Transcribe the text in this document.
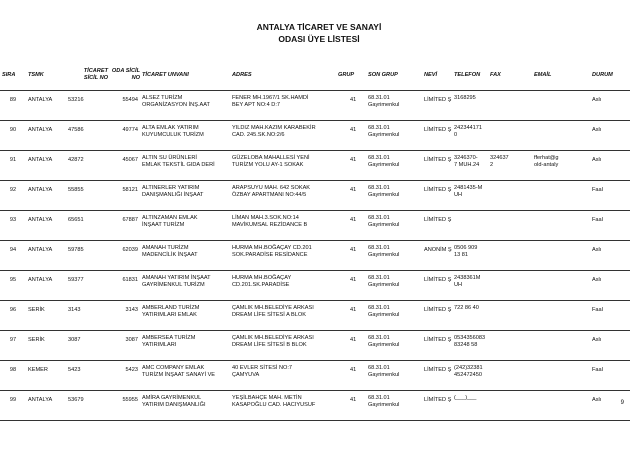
ANTALYA TİCARET VE SANAYİ
ODASI ÜYE LİSTESİ
SIRA	TSMK	TİCARET SİCİL NO	ODA SİCİL NO	TİCARET UNVANI	ADRES	GRUP	SON GRUP	NEVİ	TELEFON	FAX	EMAİL	DURUM

89	ANTALYA	53216	55494	ALSEZ TURİZM
ORGANİZASYON İNŞ.AAT	FENER MH.1967/1 SK.HAMDİ
BEY APT NO:4 D:7	41	68.31.01
Gayrimenkul	LİMİTED Ş	3168295			Aslı

90	ANTALYA	47586	49774	ALTA EMLAK YATIRIM
KUYUMCULUK TURİZM	YILDIZ MAH.KAZIM KARABEKİR
CAD. 245.SK.NO:2/6	41	68.31.01
Gayrimenkul	LİMİTED Ş	242344171
0			Aslı

91	ANTALYA	42872	45067	ALTIN SU ÜRÜNLERİ
EMLAK TEKSTİL GIDA DERİ	GÜZELOBA MAHALLESİ YENİ
TURİZM YOLU AY-1 SOKAK	41	68.31.01
Gayrimenkul	LİMİTED Ş	3246370-
7 MUH.24	324637
2	fferhat@g
old-antaly	Aslı

92	ANTALYA	55855	58121	ALTINERLER YATIRIM
DANIŞMANLIĞI İNŞAAT	ARAPSUYU MAH. 642 SOKAK
ÖZBAY APARTMANI NO:44/5	41	68.31.01
Gayrimenkul	LİMİTED Ş	2481435-M
UH			Faal

93	ANTALYA	65651	67887	ALTINZAMAN EMLAK
İNŞAAT TURİZM	LİMAN MAH.3.SOK.NO:14
MAVİKUMSAL REZİDANCE B	41	68.31.01
Gayrimenkul	LİMİTED Ş				Faal

94	ANTALYA	59785	62039	AMANAH TURİZM
MADENCİLİK İNŞAAT	HURMA MH.BOĞAÇAY CD.201
SOK.PARADİSE RESİDANCE	41	68.31.01
Gayrimenkul	ANONİM Ş	0506 909
13 81			Aslı

95	ANTALYA	59377	61831	AMANAH YATIRIM İNŞAAT
GAYRİMENKUL TURİZM	HURMA MH.BOĞAÇAY
CD.201.SK.PARADİSE	41	68.31.01
Gayrimenkul	LİMİTED Ş	2438361M
UH			Aslı

96	SERİK	3143	3143	AMBERLAND TURİZM
YATIRIMLARI EMLAK	ÇAMLIK MH.BELEDİYE ARKASI
DREAM LİFE SİTESİ A BLOK	41	68.31.01
Gayrimenkul	LİMİTED Ş	722 86 40			Faal

97	SERİK	3087	3087	AMBERSEA TURİZM
YATIRIMLARI	ÇAMLIK MH.BELEDİYE ARKASI
DREAM LİFE SİTESİ B BLOK	41	68.31.01
Gayrimenkul	LİMİTED Ş	0534356083
83248 58			Aslı

98	KEMER	5423	5423	AMC COMPANY EMLAK
TURİZM İNŞAAT SANAYİ VE	40 EVLER SİTESİ NO:7
ÇAMYUVA	41	68.31.01
Gayrimenkul	LİMİTED Ş	(242)32381
452472450			Faal

99	ANTALYA	53679	55955	AMİRA GAYRİMENKUL
YATIRIM DANIŞMANLIĞI	YEŞİLBAHÇE MAH. METİN
KASAPOĞLU CAD. HACIYUSUF	41	68.31.01
Gayrimenkul	LİMİTED Ş	(___)___			Aslı	9
